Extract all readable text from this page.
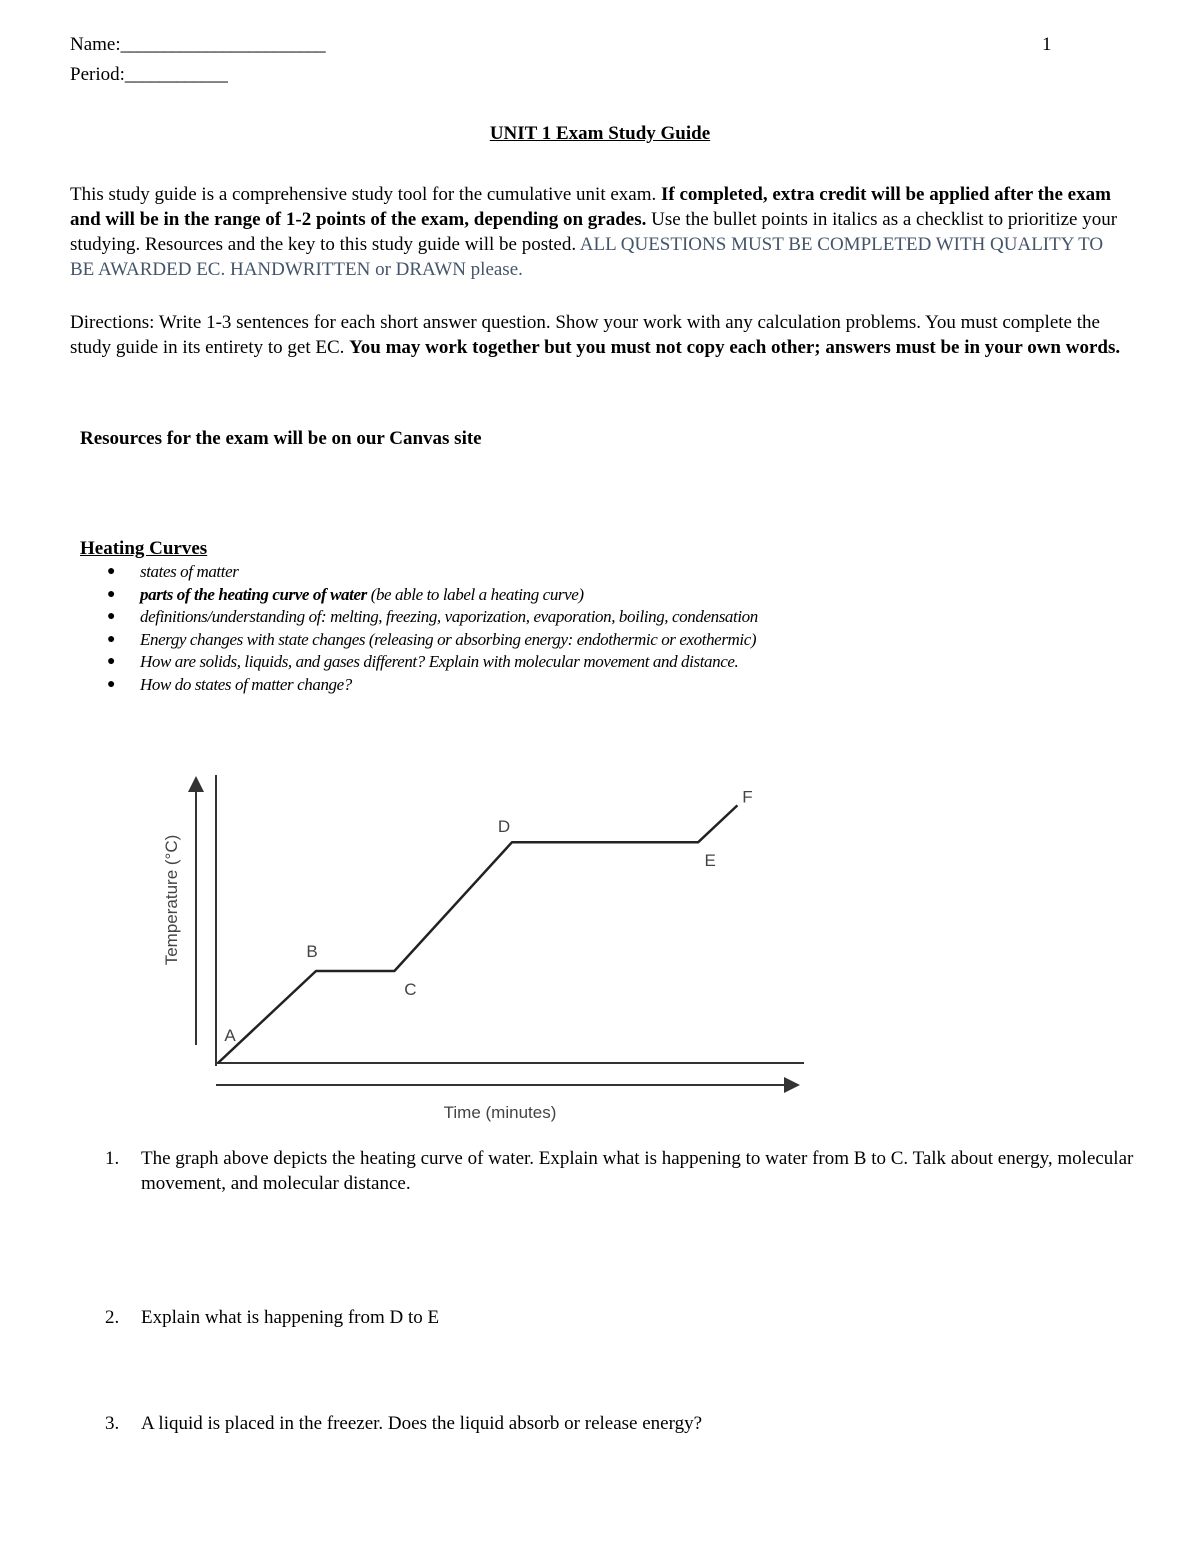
Name:________________________	1
Period:____________
UNIT 1 Exam Study Guide
This study guide is a comprehensive study tool for the cumulative unit exam. If completed, extra credit will be applied after the exam and will be in the range of 1-2 points of the exam, depending on grades. Use the bullet points in italics as a checklist to prioritize your studying. Resources and the key to this study guide will be posted. ALL QUESTIONS MUST BE COMPLETED WITH QUALITY TO BE AWARDED EC. HANDWRITTEN or DRAWN please.
Directions: Write 1-3 sentences for each short answer question. Show your work with any calculation problems. You must complete the study guide in its entirety to get EC. You may work together but you must not copy each other; answers must be in your own words.
Resources for the exam will be on our Canvas site
Heating Curves
● states of matter
● parts of the heating curve of water (be able to label a heating curve)
● definitions/understanding of: melting, freezing, vaporization, evaporation, boiling, condensation
● Energy changes with state changes (releasing or absorbing energy: endothermic or exothermic)
● How are solids, liquids, and gases different? Explain with molecular movement and distance.
● How do states of matter change?
A
B
C
D
E
F
Time (minutes)
Temperature (°C)
1. The graph above depicts the heating curve of water. Explain what is happening to water from B to C. Talk about energy, molecular movement, and molecular distance.
2. Explain what is happening from D to E
3. A liquid is placed in the freezer. Does the liquid absorb or release energy?
